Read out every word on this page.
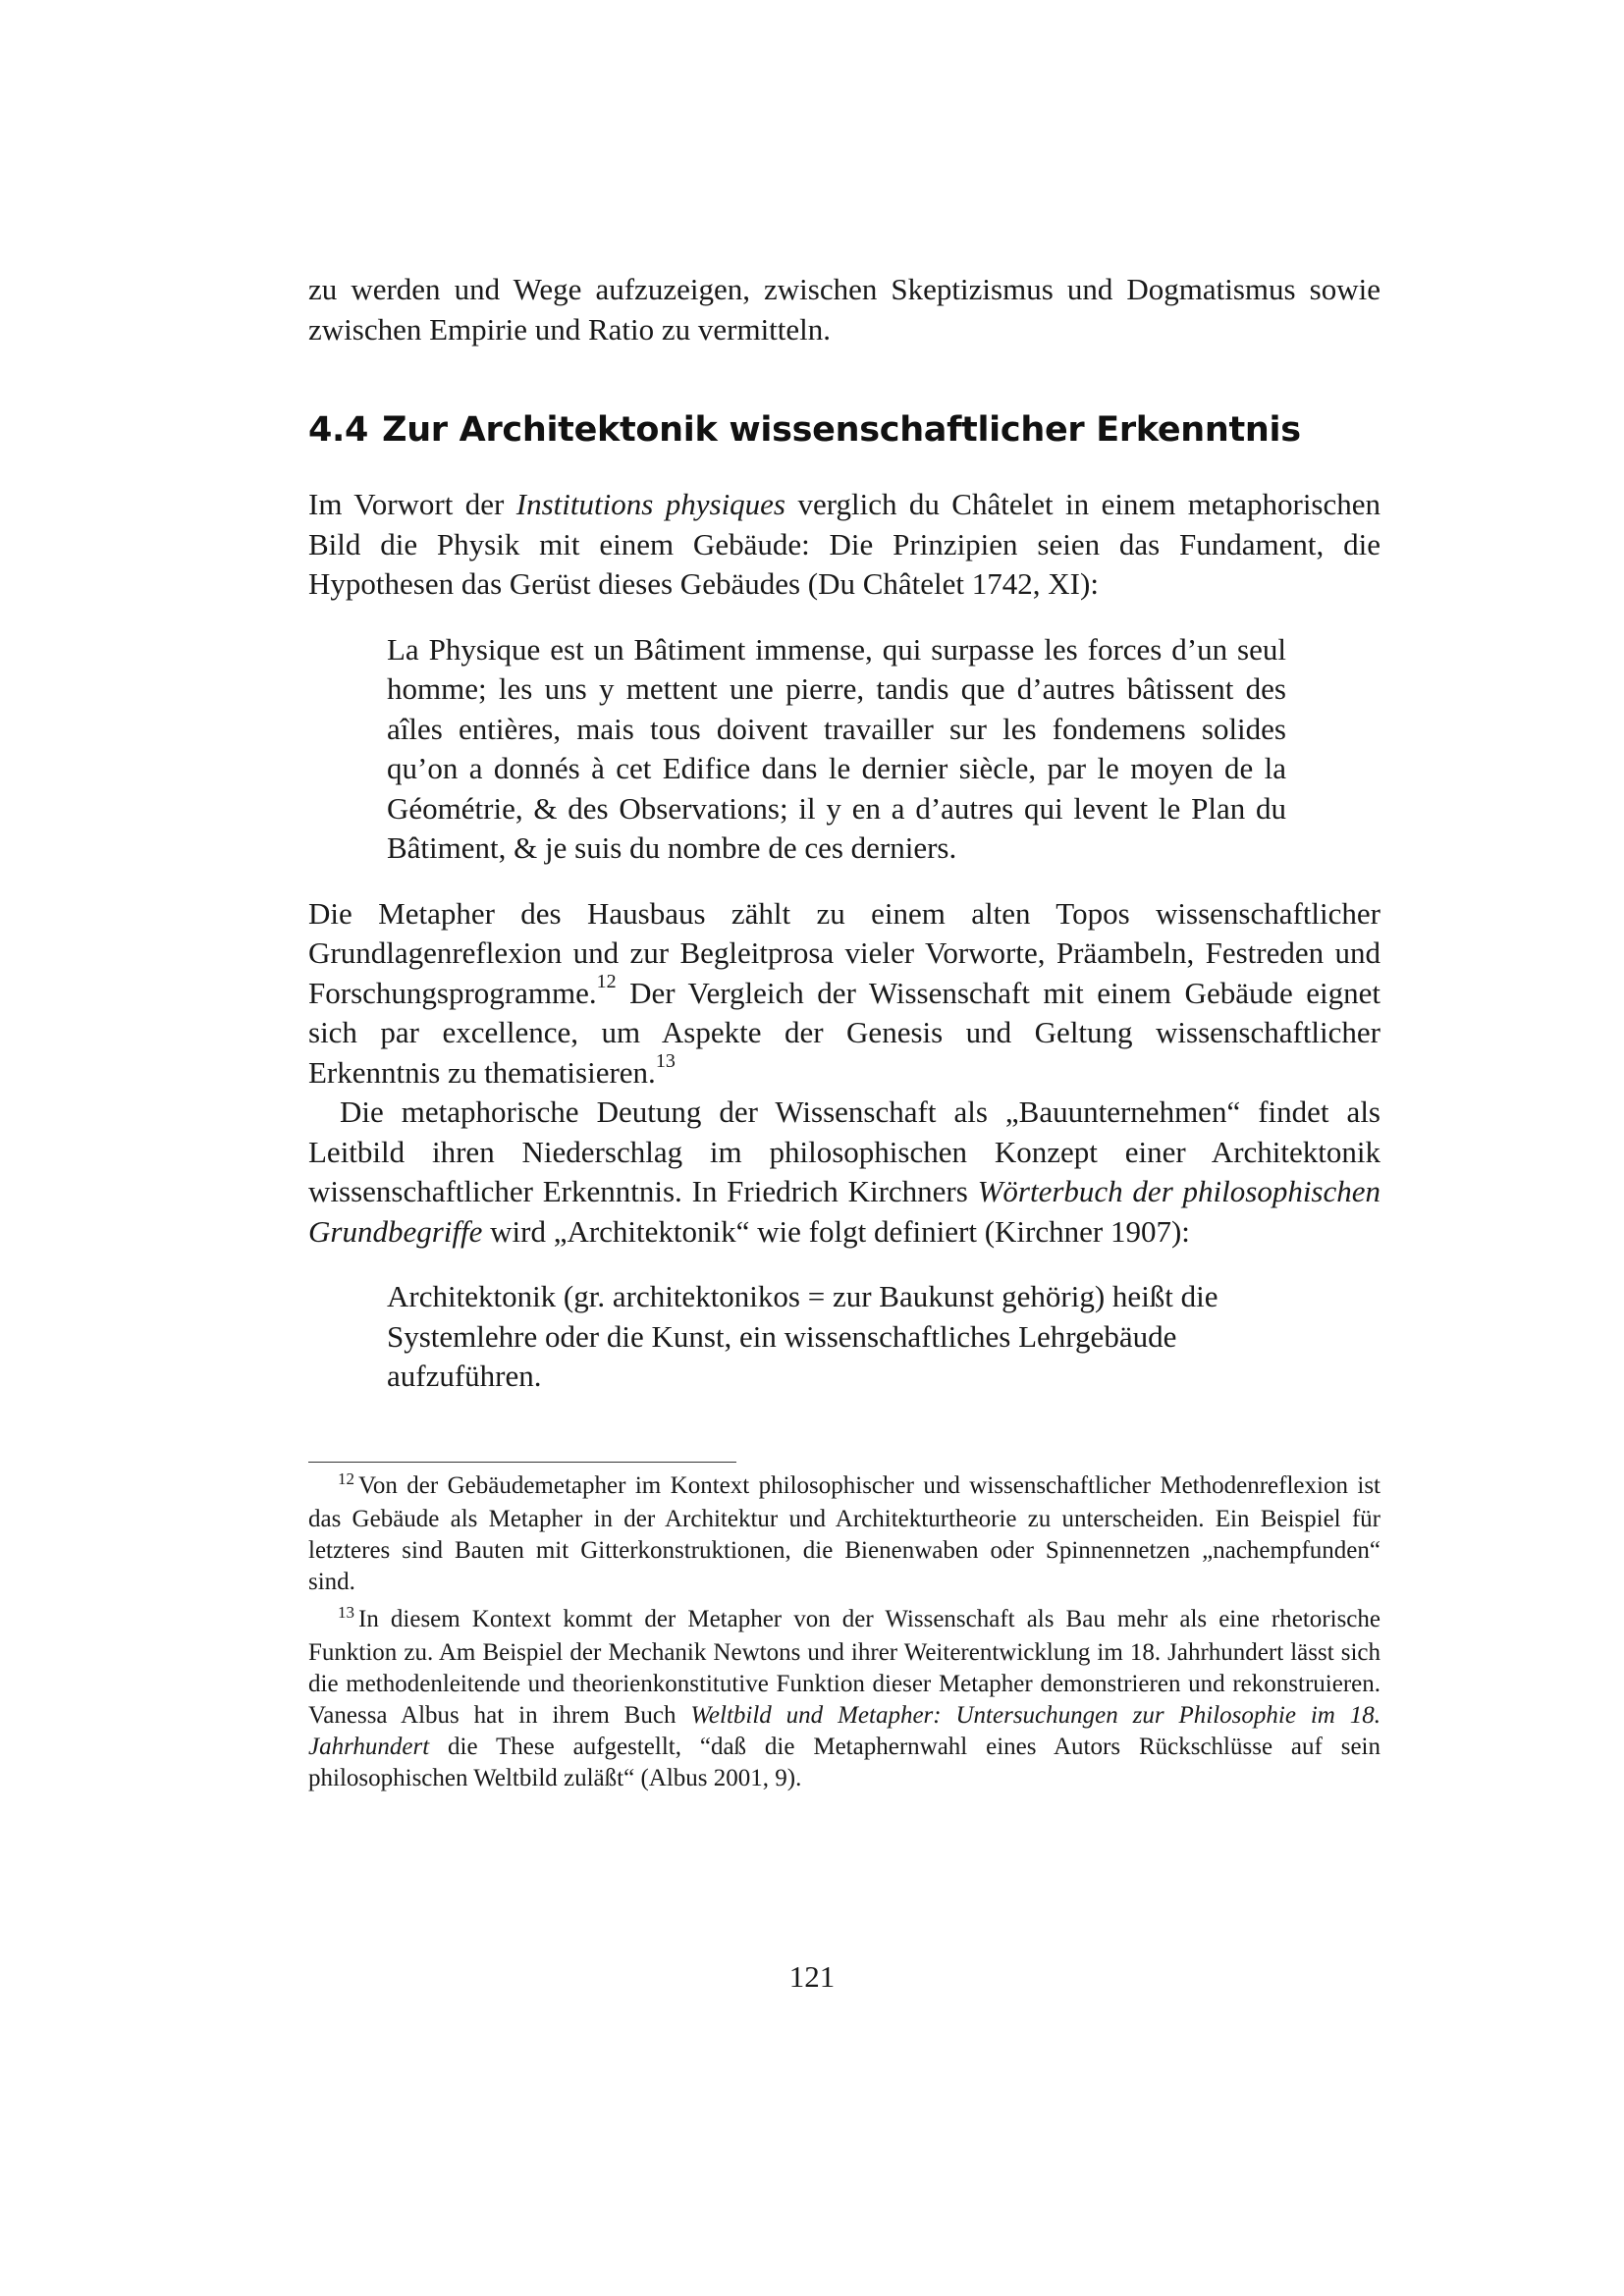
zu werden und Wege aufzuzeigen, zwischen Skeptizismus und Dogmatismus sowie zwischen Empirie und Ratio zu vermitteln.

4.4 Zur Architektonik wissenschaftlicher Erkenntnis

Im Vorwort der Institutions physiques verglich du Châtelet in einem metaphorischen Bild die Physik mit einem Gebäude: Die Prinzipien seien das Fundament, die Hypothesen das Gerüst dieses Gebäudes (Du Châtelet 1742, XI):

La Physique est un Bâtiment immense, qui surpasse les forces d’un seul homme; les uns y mettent une pierre, tandis que d’autres bâtissent des aîles entières, mais tous doivent travailler sur les fondemens solides qu’on a donnés à cet Edifice dans le dernier siècle, par le moyen de la Géométrie, & des Observations; il y en a d’autres qui levent le Plan du Bâtiment, & je suis du nombre de ces derniers.

Die Metapher des Hausbaus zählt zu einem alten Topos wissenschaftlicher Grundlagenreflexion und zur Begleitprosa vieler Vorworte, Präambeln, Festreden und Forschungsprogramme.$^{12}$ Der Vergleich der Wissenschaft mit einem Gebäude eignet sich par excellence, um Aspekte der Genesis und Geltung wissenschaftlicher Erkenntnis zu thematisieren.$^{13}$

Die metaphorische Deutung der Wissenschaft als „Bauunternehmen“ findet als Leitbild ihren Niederschlag im philosophischen Konzept einer Architektonik wissenschaftlicher Erkenntnis. In Friedrich Kirchners Wörterbuch der philosophischen Grundbegriffe wird „Architektonik“ wie folgt definiert (Kirchner 1907):

Architektonik (gr. architektonikos = zur Baukunst gehörig) heißt die Systemlehre oder die Kunst, ein wissenschaftliches Lehrgebäude aufzuführen.

$^{12}$ Von der Gebäudemetapher im Kontext philosophischer und wissenschaftlicher Methodenreflexion ist das Gebäude als Metapher in der Architektur und Architekturtheorie zu unterscheiden. Ein Beispiel für letzteres sind Bauten mit Gitterkonstruktionen, die Bienenwaben oder Spinnennetzen „nachempfunden“ sind.

$^{13}$ In diesem Kontext kommt der Metapher von der Wissenschaft als Bau mehr als eine rhetorische Funktion zu. Am Beispiel der Mechanik Newtons und ihrer Weiterentwicklung im 18. Jahrhundert lässt sich die methodenleitende und theorienkonstitutive Funktion dieser Metapher demonstrieren und rekonstruieren. Vanessa Albus hat in ihrem Buch Weltbild und Metapher: Untersuchungen zur Philosophie im 18. Jahrhundert die These aufgestellt, “daß die Metaphernwahl eines Autors Rückschlüsse auf sein philosophischen Weltbild zuläßt“ (Albus 2001, 9).

121
